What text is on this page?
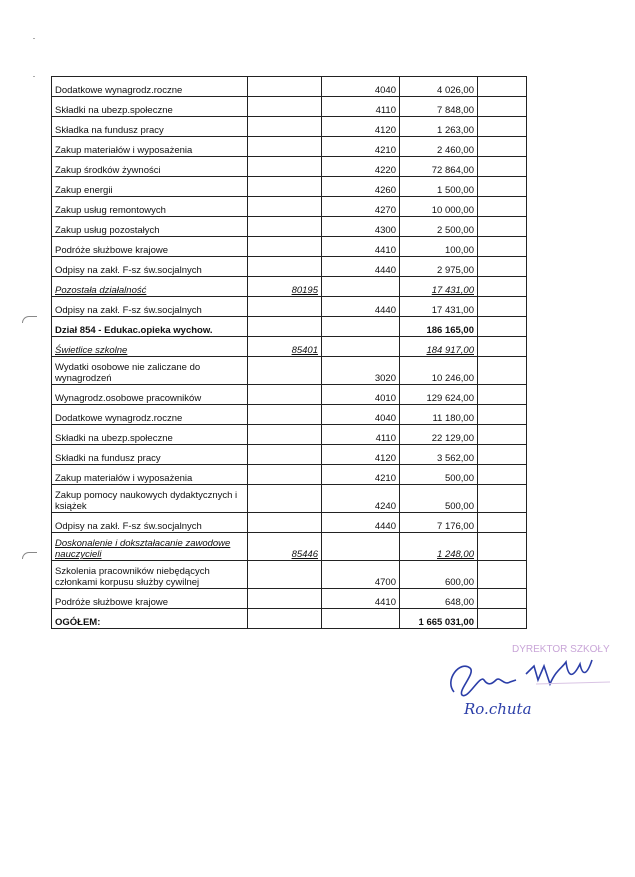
Dodatkowe wynagrodz.roczne		4040	4 026,00	
Składki na ubezp.społeczne		4110	7 848,00	
Składka na fundusz pracy		4120	1 263,00	
Zakup materiałów i wyposażenia		4210	2 460,00	
Zakup środków żywności		4220	72 864,00	
Zakup energii		4260	1 500,00	
Zakup usług remontowych		4270	10 000,00	
Zakup usług pozostałych		4300	2 500,00	
Podróże służbowe krajowe		4410	100,00	
Odpisy na zakł. F-sz św.socjalnych		4440	2 975,00	
Pozostała działalność	80195		17 431,00	
Odpisy na zakł. F-sz św.socjalnych		4440	17 431,00	
Dział 854 - Edukac.opieka wychow.			186 165,00	
Świetlice szkolne	85401		184 917,00	
Wydatki osobowe nie zaliczane do wynagrodzeń		3020	10 246,00	
Wynagrodz.osobowe pracowników		4010	129 624,00	
Dodatkowe wynagrodz.roczne		4040	11 180,00	
Składki na ubezp.społeczne		4110	22 129,00	
Składki na fundusz pracy		4120	3 562,00	
Zakup materiałów i wyposażenia		4210	500,00	
Zakup pomocy naukowych dydaktycznych i książek		4240	500,00	
Odpisy na zakł. F-sz św.socjalnych		4440	7 176,00	
Doskonalenie i dokształacanie zawodowe nauczycieli	85446		1 248,00	
Szkolenia pracowników niebędących członkami korpusu służby cywilnej		4700	600,00	
Podróże służbowe krajowe		4410	648,00	
OGÓŁEM:			1 665 031,00	
DYREKTOR SZKOŁY
Ro.chuta
